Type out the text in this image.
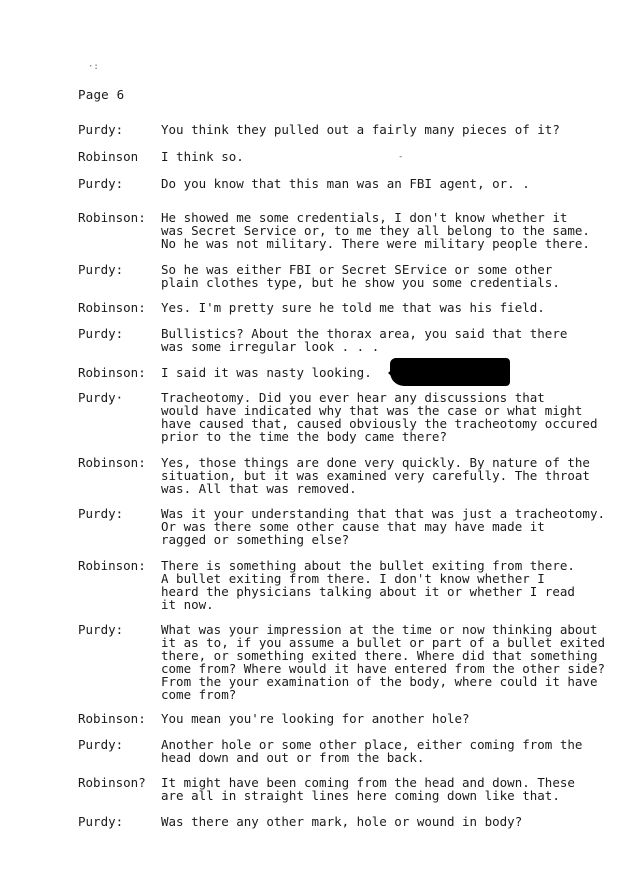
·:
Page 6
-
Purdy:	You think they pulled out a fairly many pieces of it?
Robinson	I think so.
Purdy:	Do you know that this man was an FBI agent, or. .
Robinson:	He showed me some credentials, I don't know whether it
was Secret Service or, to me they all belong to the same.
No he was not military. There were military people there.
Purdy:	So he was either FBI or Secret SErvice or some other
plain clothes type, but he show you some credentials.
Robinson:	Yes. I'm pretty sure he told me that was his field.
Purdy:	Bullistics? About the thorax area, you said that there
was some irregular look . . .
Robinson:	I said it was nasty looking.
Purdy·	Tracheotomy. Did you ever hear any discussions that
would have indicated why that was the case or what might
have caused that, caused obviously the tracheotomy occured
prior to the time the body came there?
Robinson:	Yes, those things are done very quickly. By nature of the
situation, but it was examined very carefully. The throat
was. All that was removed.
Purdy:	Was it your understanding that that was just a tracheotomy.
Or was there some other cause that may have made it
ragged or something else?
Robinson:	There is something about the bullet exiting from there.
A bullet exiting from there. I don't know whether I
heard the physicians talking about it or whether I read
it now.
Purdy:	What was your impression at the time or now thinking about
it as to, if you assume a bullet or part of a bullet exited
there, or something exited there. Where did that something
come from? Where would it have entered from the other side?
From the your examination of the body, where could it have
come from?
Robinson:	You mean you're looking for another hole?
Purdy:	Another hole or some other place, either coming from the
head down and out or from the back.
Robinson?	It might have been coming from the head and down. These
are all in straight lines here coming down like that.
Purdy:	Was there any other mark, hole or wound in body?
